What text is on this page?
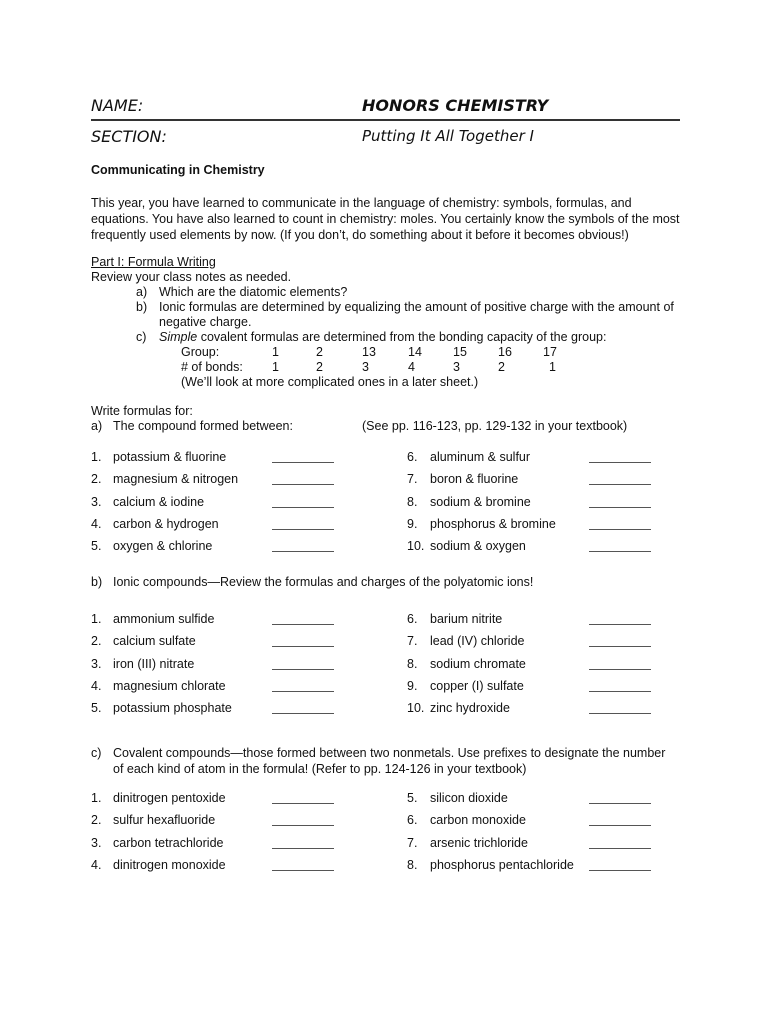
NAME:	HONORS CHEMISTRY
SECTION:	Putting It All Together I
Communicating in Chemistry
This year, you have learned to communicate in the language of chemistry: symbols, formulas, and equations. You have also learned to count in chemistry: moles. You certainly know the symbols of the most frequently used elements by now. (If you don’t, do something about it before it becomes obvious!)
Part I: Formula Writing
Review your class notes as needed.
a) Which are the diatomic elements?
b) Ionic formulas are determined by equalizing the amount of positive charge with the amount of
negative charge.
c) Simple covalent formulas are determined from the bonding capacity of the group:
Group:	1	2	13	14 15 16 17
# of bonds: 1	2	3	4	3	2	1
(We’ll look at more complicated ones in a later sheet.)
Write formulas for:
a) The compound formed between:	(See pp. 116-123, pp. 129-132 in your textbook)
1. potassium & fluorine
2. magnesium & nitrogen
3. calcium & iodine
4. carbon & hydrogen
5. oxygen & chlorine
6. aluminum & sulfur
7. boron & fluorine
8. sodium & bromine
9. phosphorus & bromine
10. sodium & oxygen
b) Ionic compounds—Review the formulas and charges of the polyatomic ions!
1. ammonium sulfide
2. calcium sulfate
3. iron (III) nitrate
4. magnesium chlorate
5. potassium phosphate
6. barium nitrite
7. lead (IV) chloride
8. sodium chromate
9. copper (I) sulfate
10. zinc hydroxide
c) Covalent compounds—those formed between two nonmetals. Use prefixes to designate the number
of each kind of atom in the formula! (Refer to pp. 124-126 in your textbook)
1. dinitrogen pentoxide
2. sulfur hexafluoride
3. carbon tetrachloride
4. dinitrogen monoxide
5. silicon dioxide
6. carbon monoxide
7. arsenic trichloride
8. phosphorus pentachloride
